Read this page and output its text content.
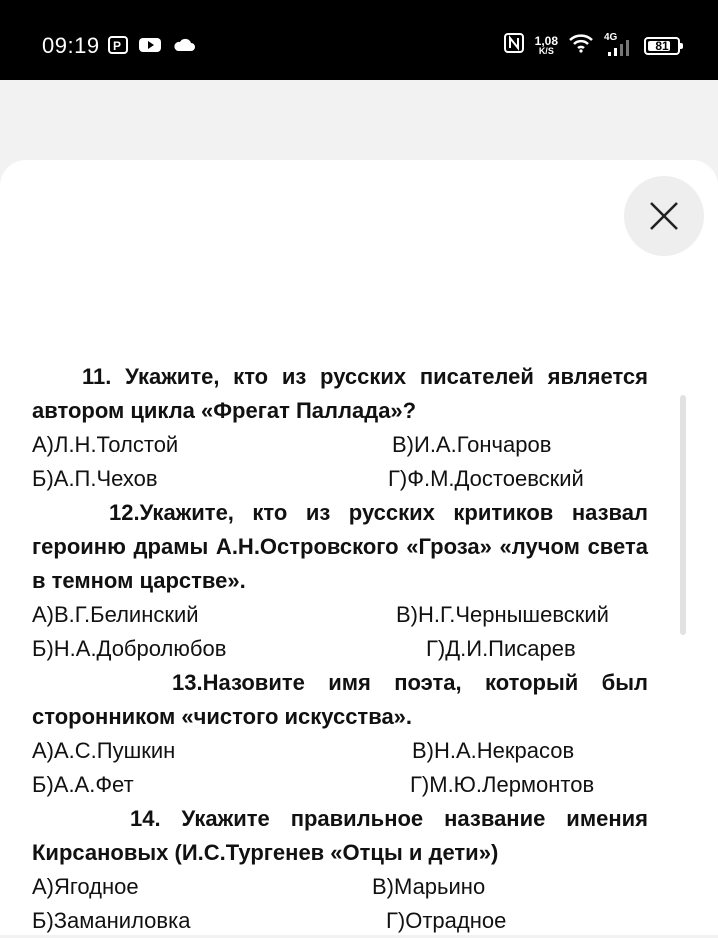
09:19 P	1,08
K/S
4G
81

11. Укажите, кто из русских писателей является автором цикла «Фрегат Паллада»?

А)Л.Н.Толстой	В)И.А.Гончаров
Б)А.П.Чехов	Г)Ф.М.Достоевский

12.Укажите, кто из русских критиков назвал героиню драмы А.Н.Островского «Гроза» «лучом света в темном царстве».

А)В.Г.Белинский	В)Н.Г.Чернышевский
Б)Н.А.Добролюбов	Г)Д.И.Писарев

13.Назовите имя поэта, который был сторонником «чистого искусства».

А)А.С.Пушкин	В)Н.А.Некрасов
Б)А.А.Фет	Г)М.Ю.Лермонтов

14. Укажите правильное название имения Кирсановых (И.С.Тургенев «Отцы и дети»)

А)Ягодное	В)Марьино
Б)Заманиловка	Г)Отрадное
